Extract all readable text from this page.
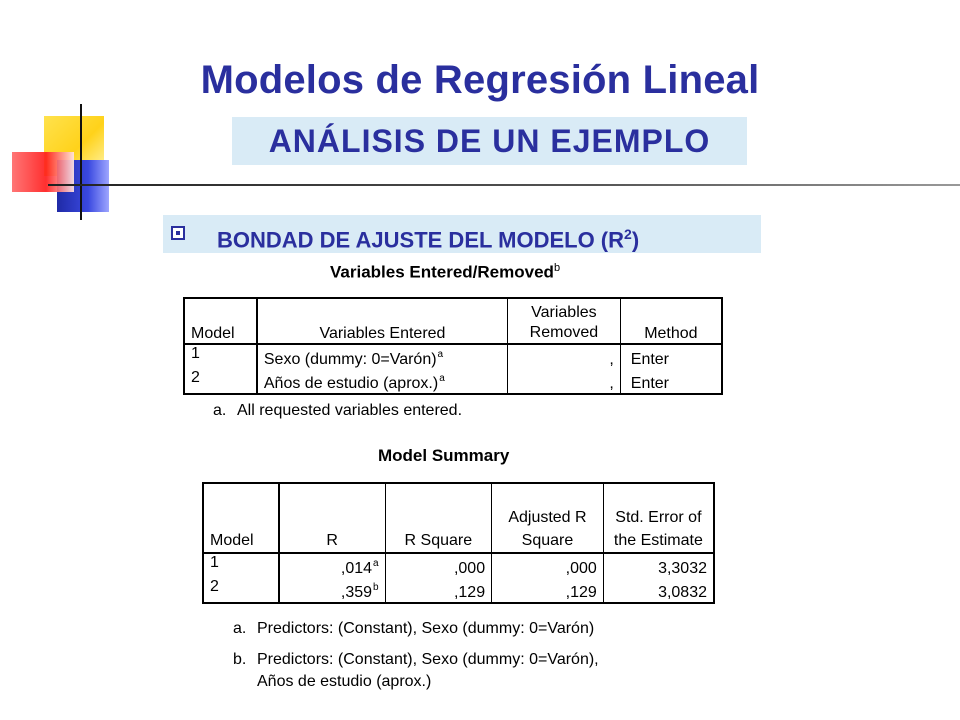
Modelos de Regresión Lineal
ANÁLISIS DE UN EJEMPLO
BONDAD DE AJUSTE DEL MODELO $(R^2)$
Variables Entered/Removed$^b$
Model	Variables Entered	Variables Removed	Method
1	Sexo (dummy: 0=Varón)$^a$	,	Enter
2	Años de estudio (aprox.)$^a$	,	Enter
a. All requested variables entered.
Model Summary
Model	R	R Square	Adjusted R Square	Std. Error of the Estimate
1	,014$^a$	,000	,000	3,3032
2	,359$^b$	,129	,129	3,0832
a. Predictors: (Constant), Sexo (dummy: 0=Varón)
b. Predictors: (Constant), Sexo (dummy: 0=Varón),
Años de estudio (aprox.)
